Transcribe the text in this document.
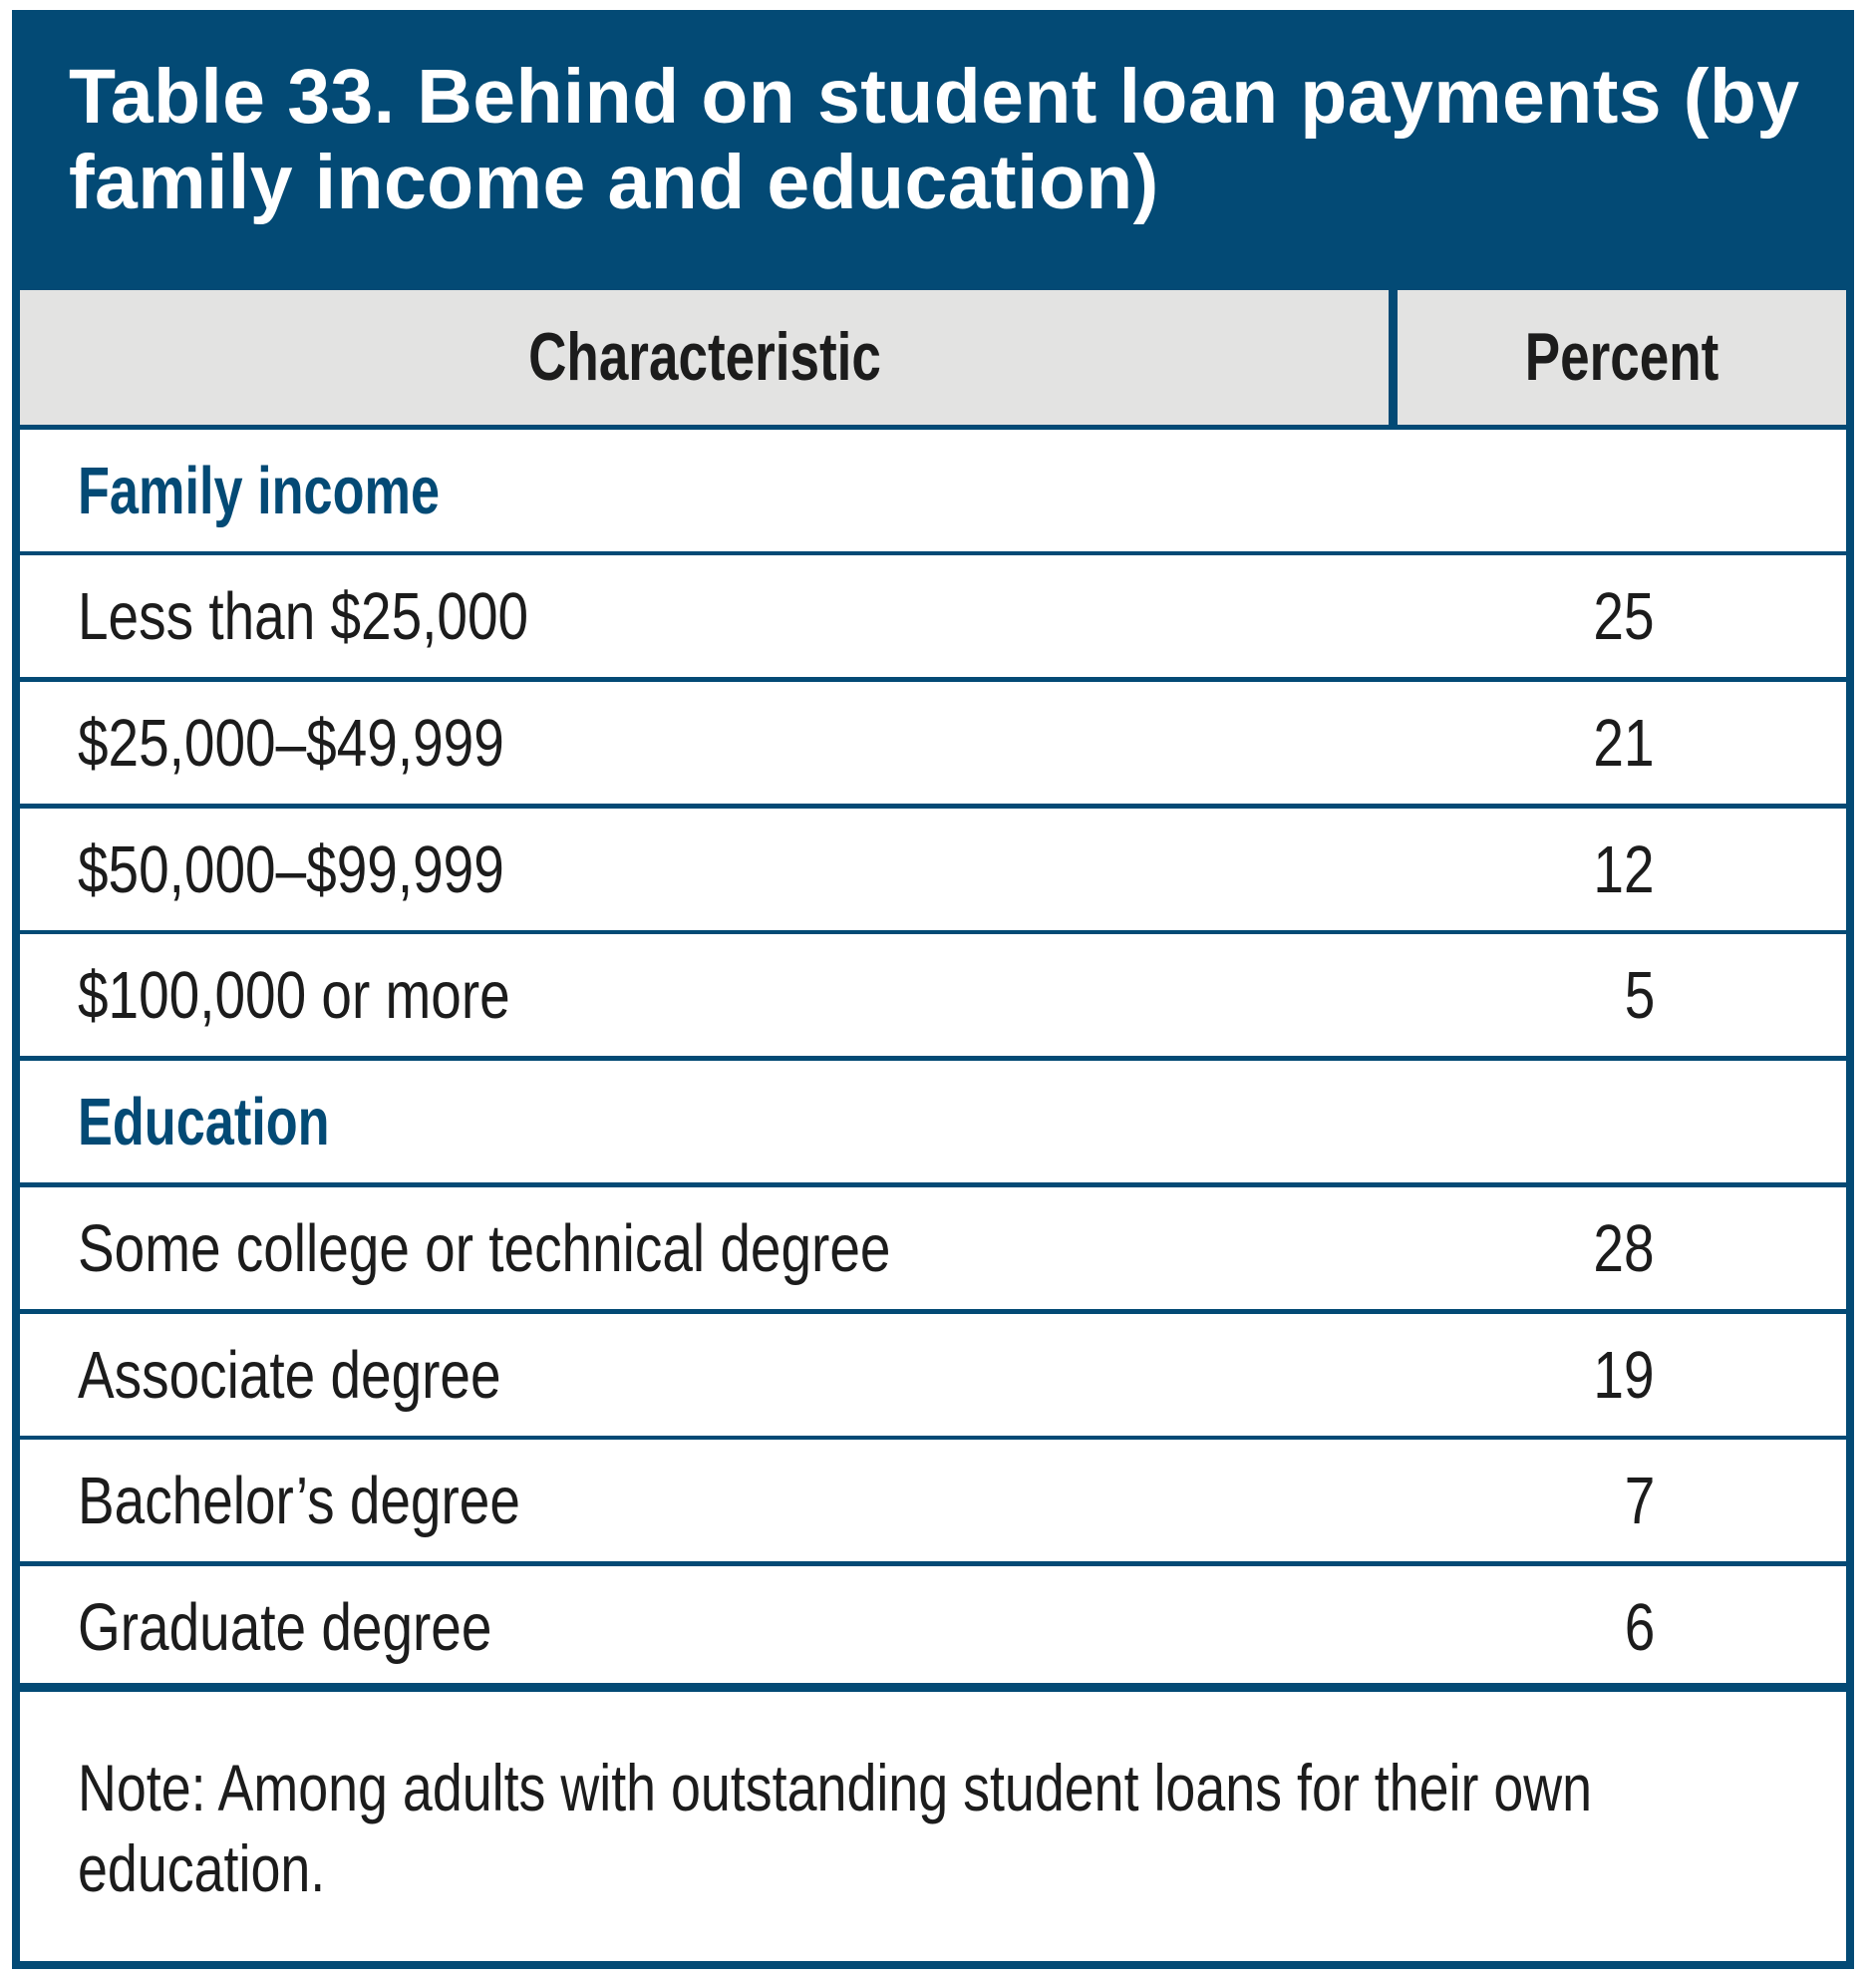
Table 33. Behind on student loan payments (by family income and education)
Characteristic	Percent
Family income
Less than $25,000	25
$25,000–$49,999	21
$50,000–$99,999	12
$100,000 or more	5
Education
Some college or technical degree	28
Associate degree	19
Bachelor’s degree	7
Graduate degree	6

Note: Among adults with outstanding student loans for their own education.
